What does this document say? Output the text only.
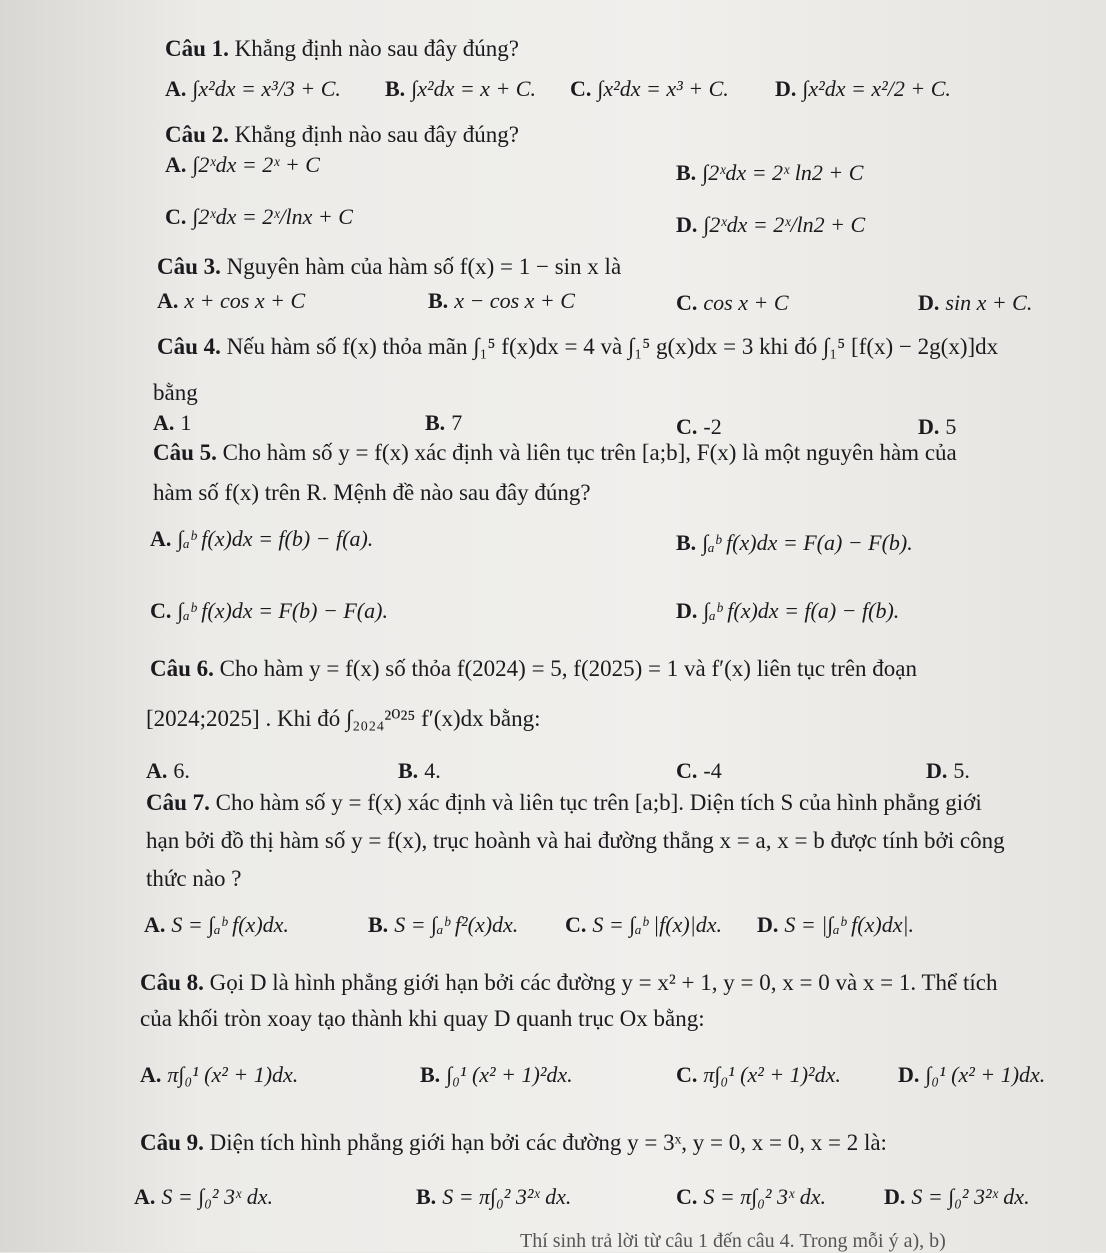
Câu 1. Khẳng định nào sau đây đúng?
A. ∫x²dx = x³/3 + C. B. ∫x²dx = x + C. C. ∫x²dx = x³ + C. D. ∫x²dx = x²/2 + C.
Câu 2. Khẳng định nào sau đây đúng?
A. ∫2ˣdx = 2ˣ + C	B. ∫2ˣdx = 2ˣ ln2 + C
C. ∫2ˣdx = 2ˣ/lnx + C	D. ∫2ˣdx = 2ˣ/ln2 + C
Câu 3. Nguyên hàm của hàm số f(x) = 1 − sin x là
A. x + cos x + C	B. x − cos x + C	C. cos x + C	D. sin x + C.
Câu 4. Nếu hàm số f(x) thỏa mãn ∫₁⁵ f(x)dx = 4 và ∫₁⁵ g(x)dx = 3 khi đó ∫₁⁵ [f(x) − 2g(x)]dx
bằng
A. 1	B. 7	C. -2	D. 5
Câu 5. Cho hàm số y = f(x) xác định và liên tục trên [a;b], F(x) là một nguyên hàm của
hàm số f(x) trên R. Mệnh đề nào sau đây đúng?
A. ∫ₐᵇ f(x)dx = f(b) − f(a).	B. ∫ₐᵇ f(x)dx = F(a) − F(b).
C. ∫ₐᵇ f(x)dx = F(b) − F(a).	D. ∫ₐᵇ f(x)dx = f(a) − f(b).
Câu 6. Cho hàm y = f(x) số thỏa f(2024) = 5, f(2025) = 1 và f′(x) liên tục trên đoạn
[2024;2025] . Khi đó ∫₂₀₂₄²⁰²⁵ f′(x)dx bằng:
A. 6.	B. 4.	C. -4	D. 5.
Câu 7. Cho hàm số y = f(x) xác định và liên tục trên [a;b]. Diện tích S của hình phẳng giới
hạn bởi đồ thị hàm số y = f(x), trục hoành và hai đường thẳng x = a, x = b được tính bởi công
thức nào ?
A. S = ∫ₐᵇ f(x)dx.	B. S = ∫ₐᵇ f²(x)dx. C. S = ∫ₐᵇ |f(x)|dx. D. S = |∫ₐᵇ f(x)dx|.
Câu 8. Gọi D là hình phẳng giới hạn bởi các đường y = x² + 1, y = 0, x = 0 và x = 1. Thể tích
của khối tròn xoay tạo thành khi quay D quanh trục Ox bằng:
A. π∫₀¹ (x² + 1)dx.	B. ∫₀¹ (x² + 1)²dx.	C. π∫₀¹ (x² + 1)²dx.	D. ∫₀¹ (x² + 1)dx.
Câu 9. Diện tích hình phẳng giới hạn bởi các đường y = 3ˣ, y = 0, x = 0, x = 2 là:
A. S = ∫₀² 3ˣ dx.	B. S = π∫₀² 3²ˣ dx.	C. S = π∫₀² 3ˣ dx.	D. S = ∫₀² 3²ˣ dx.
Thí sinh trả lời từ câu 1 đến câu 4. Trong mỗi ý a), b)
